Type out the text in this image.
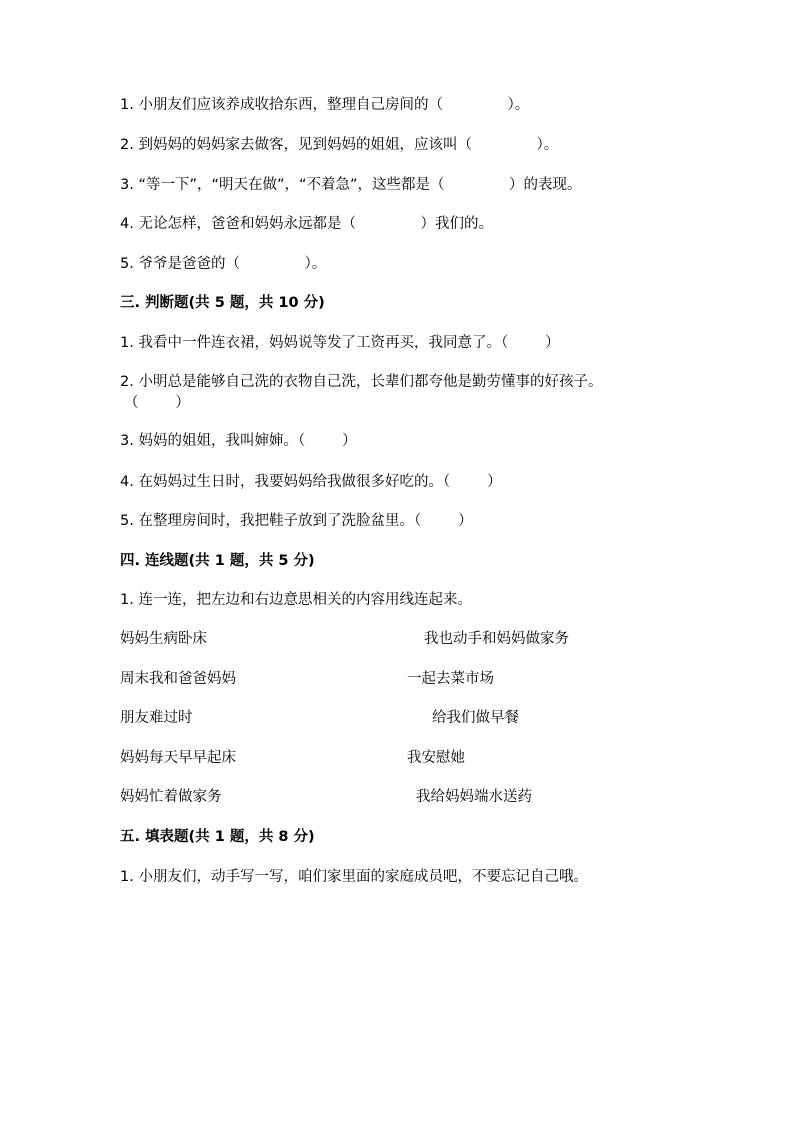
1. 小朋友们应该养成收拾东西，整理自己房间的（              ）。
2. 到妈妈的妈妈家去做客，见到妈妈的姐姐，应该叫（              ）。
3. “等一下”，“明天在做”，“不着急”，这些都是（              ）的表现。
4. 无论怎样，爸爸和妈妈永远都是（              ）我们的。
5. 爷爷是爸爸的（              ）。
三. 判断题(共 5 题，共 10 分)
1. 我看中一件连衣裙，妈妈说等发了工资再买，我同意了。（        ）
2. 小明总是能够自己洗的衣物自己洗，长辈们都夸他是勤劳懂事的好孩子。
（        ）
3. 妈妈的姐姐，我叫婶婶。（        ）
4. 在妈妈过生日时，我要妈妈给我做很多好吃的。（        ）
5. 在整理房间时，我把鞋子放到了洗脸盆里。（        ）
四. 连线题(共 1 题，共 5 分)
1. 连一连，把左边和右边意思相关的内容用线连起来。
妈妈生病卧床	我也动手和妈妈做家务
周末我和爸爸妈妈	一起去菜市场
朋友难过时	给我们做早餐
妈妈每天早早起床	我安慰她
妈妈忙着做家务	我给妈妈端水送药
五. 填表题(共 1 题，共 8 分)
1. 小朋友们，动手写一写，咱们家里面的家庭成员吧，不要忘记自己哦。
